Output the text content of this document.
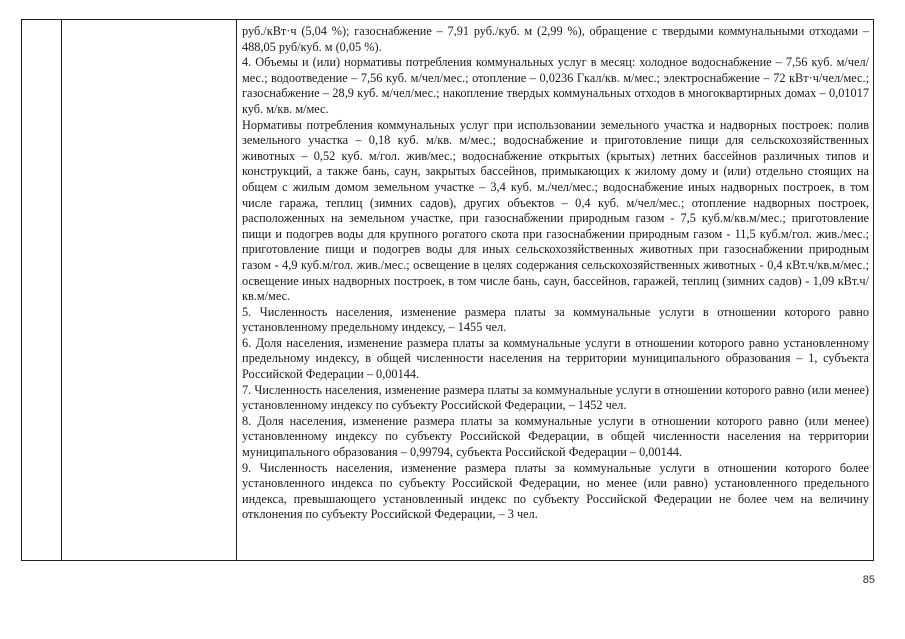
руб./кВт·ч (5,04 %); газоснабжение – 7,91 руб./куб. м (2,99 %), обращение с твердыми коммунальными отходами – 488,05 руб/куб. м (0,05 %).

4. Объемы и (или) нормативы потребления коммунальных услуг в месяц: холодное водоснабжение – 7,56 куб. м/чел/мес.; водоотведение – 7,56 куб. м/чел/мес.; отопление – 0,0236 Гкал/кв. м/мес.; электроснабжение – 72 кВт·ч/чел/мес.; газоснабжение – 28,9 куб. м/чел/мес.; накопление твердых коммунальных отходов в многоквартирных домах – 0,01017 куб. м/кв. м/мес.

Нормативы потребления коммунальных услуг при использовании земельного участка и надворных построек: полив земельного участка – 0,18 куб. м/кв. м/мес.; водоснабжение и приготовление пищи для сельскохозяйственных животных – 0,52 куб. м/гол. жив/мес.; водоснабжение открытых (крытых) летних бассейнов различных типов и конструкций, а также бань, саун, закрытых бассейнов, примыкающих к жилому дому и (или) отдельно стоящих на общем с жилым домом земельном участке – 3,4 куб. м./чел/мес.; водоснабжение иных надворных построек, в том числе гаража, теплиц (зимних садов), других объектов – 0,4 куб. м/чел/мес.; отопление надворных построек, расположенных на земельном участке, при газоснабжении природным газом - 7,5 куб.м/кв.м/мес.; приготовление пищи и подогрев воды для крупного рогатого скота при газоснабжении природным газом - 11,5 куб.м/гол. жив./мес.; приготовление пищи и подогрев воды для иных сельскохозяйственных животных при газоснабжении природным газом - 4,9 куб.м/гол. жив./мес.; освещение в целях содержания сельскохозяйственных животных - 0,4 кВт.ч/кв.м/мес.; освещение иных надворных построек, в том числе бань, саун, бассейнов, гаражей, теплиц (зимних садов) - 1,09 кВт.ч/кв.м/мес.

5. Численность населения, изменение размера платы за коммунальные услуги в отношении которого равно установленному предельному индексу, – 1455 чел.

6. Доля населения, изменение размера платы за коммунальные услуги в отношении которого равно установленному предельному индексу, в общей численности населения на территории муниципального образования – 1, субъекта Российской Федерации – 0,00144.

7. Численность населения, изменение размера платы за коммунальные услуги в отношении которого равно (или менее) установленному индексу по субъекту Российской Федерации, – 1452 чел.

8. Доля населения, изменение размера платы за коммунальные услуги в отношении которого равно (или менее) установленному индексу по субъекту Российской Федерации, в общей численности населения на территории муниципального образования – 0,99794, субъекта Российской Федерации – 0,00144.

9. Численность населения, изменение размера платы за коммунальные услуги в отношении которого более установленного индекса по субъекту Российской Федерации, но менее (или равно) установленного предельного индекса, превышающего установленный индекс по субъекту Российской Федерации не более чем на величину отклонения по субъекту Российской Федерации, – 3 чел.

85
